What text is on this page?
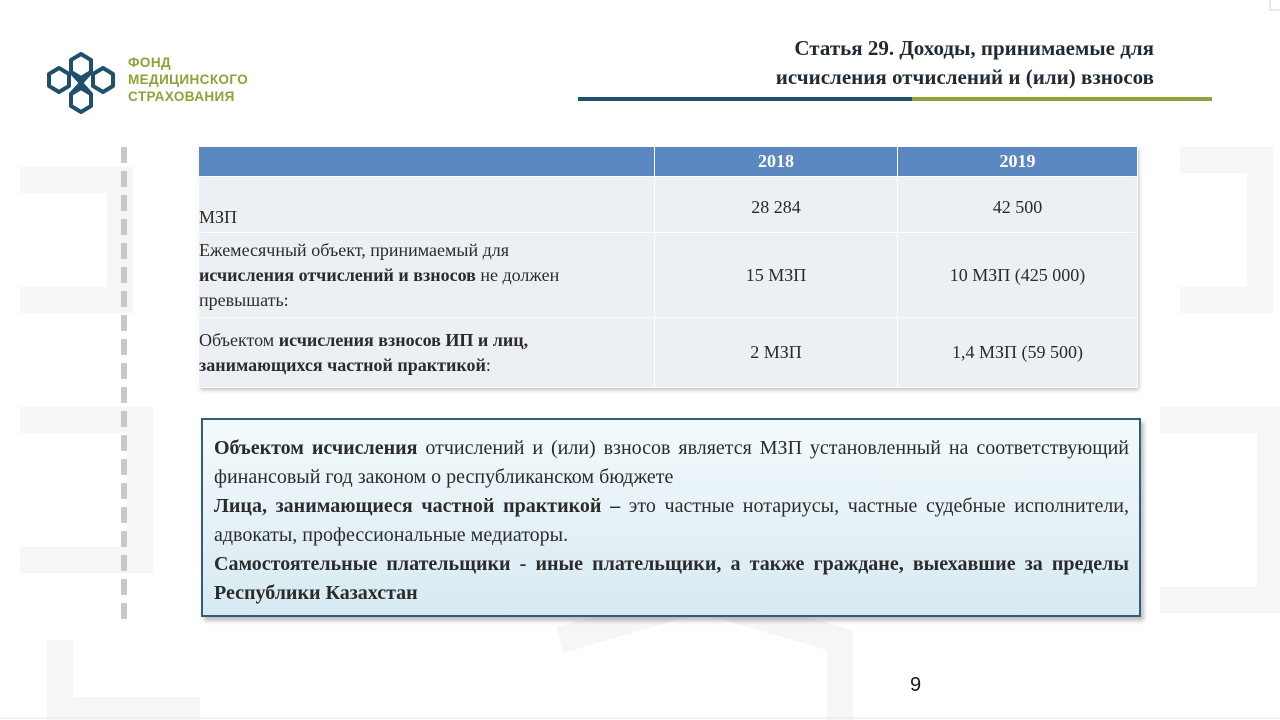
ФОНД
МЕДИЦИНСКОГО
СТРАХОВАНИЯ
Статья 29. Доходы, принимаемые для
исчисления отчислений и (или) взносов
	2018	2019
МЗП	28 284	42 500
Ежемесячный объект, принимаемый для
исчисления отчислений и взносов не должен превышать:	15 МЗП	10 МЗП (425 000)
Объектом исчисления взносов ИП и лиц, занимающихся частной практикой:	2 МЗП	1,4 МЗП (59 500)

Объектом исчисления отчислений и (или) взносов является МЗП установленный на соответствующий финансовый год законом о республиканском бюджете

Лица, занимающиеся частной практикой – это частные нотариусы, частные судебные исполнители, адвокаты, профессиональные медиаторы.

Самостоятельные плательщики - иные плательщики, а также граждане, выехавшие за пределы Республики Казахстан

9
